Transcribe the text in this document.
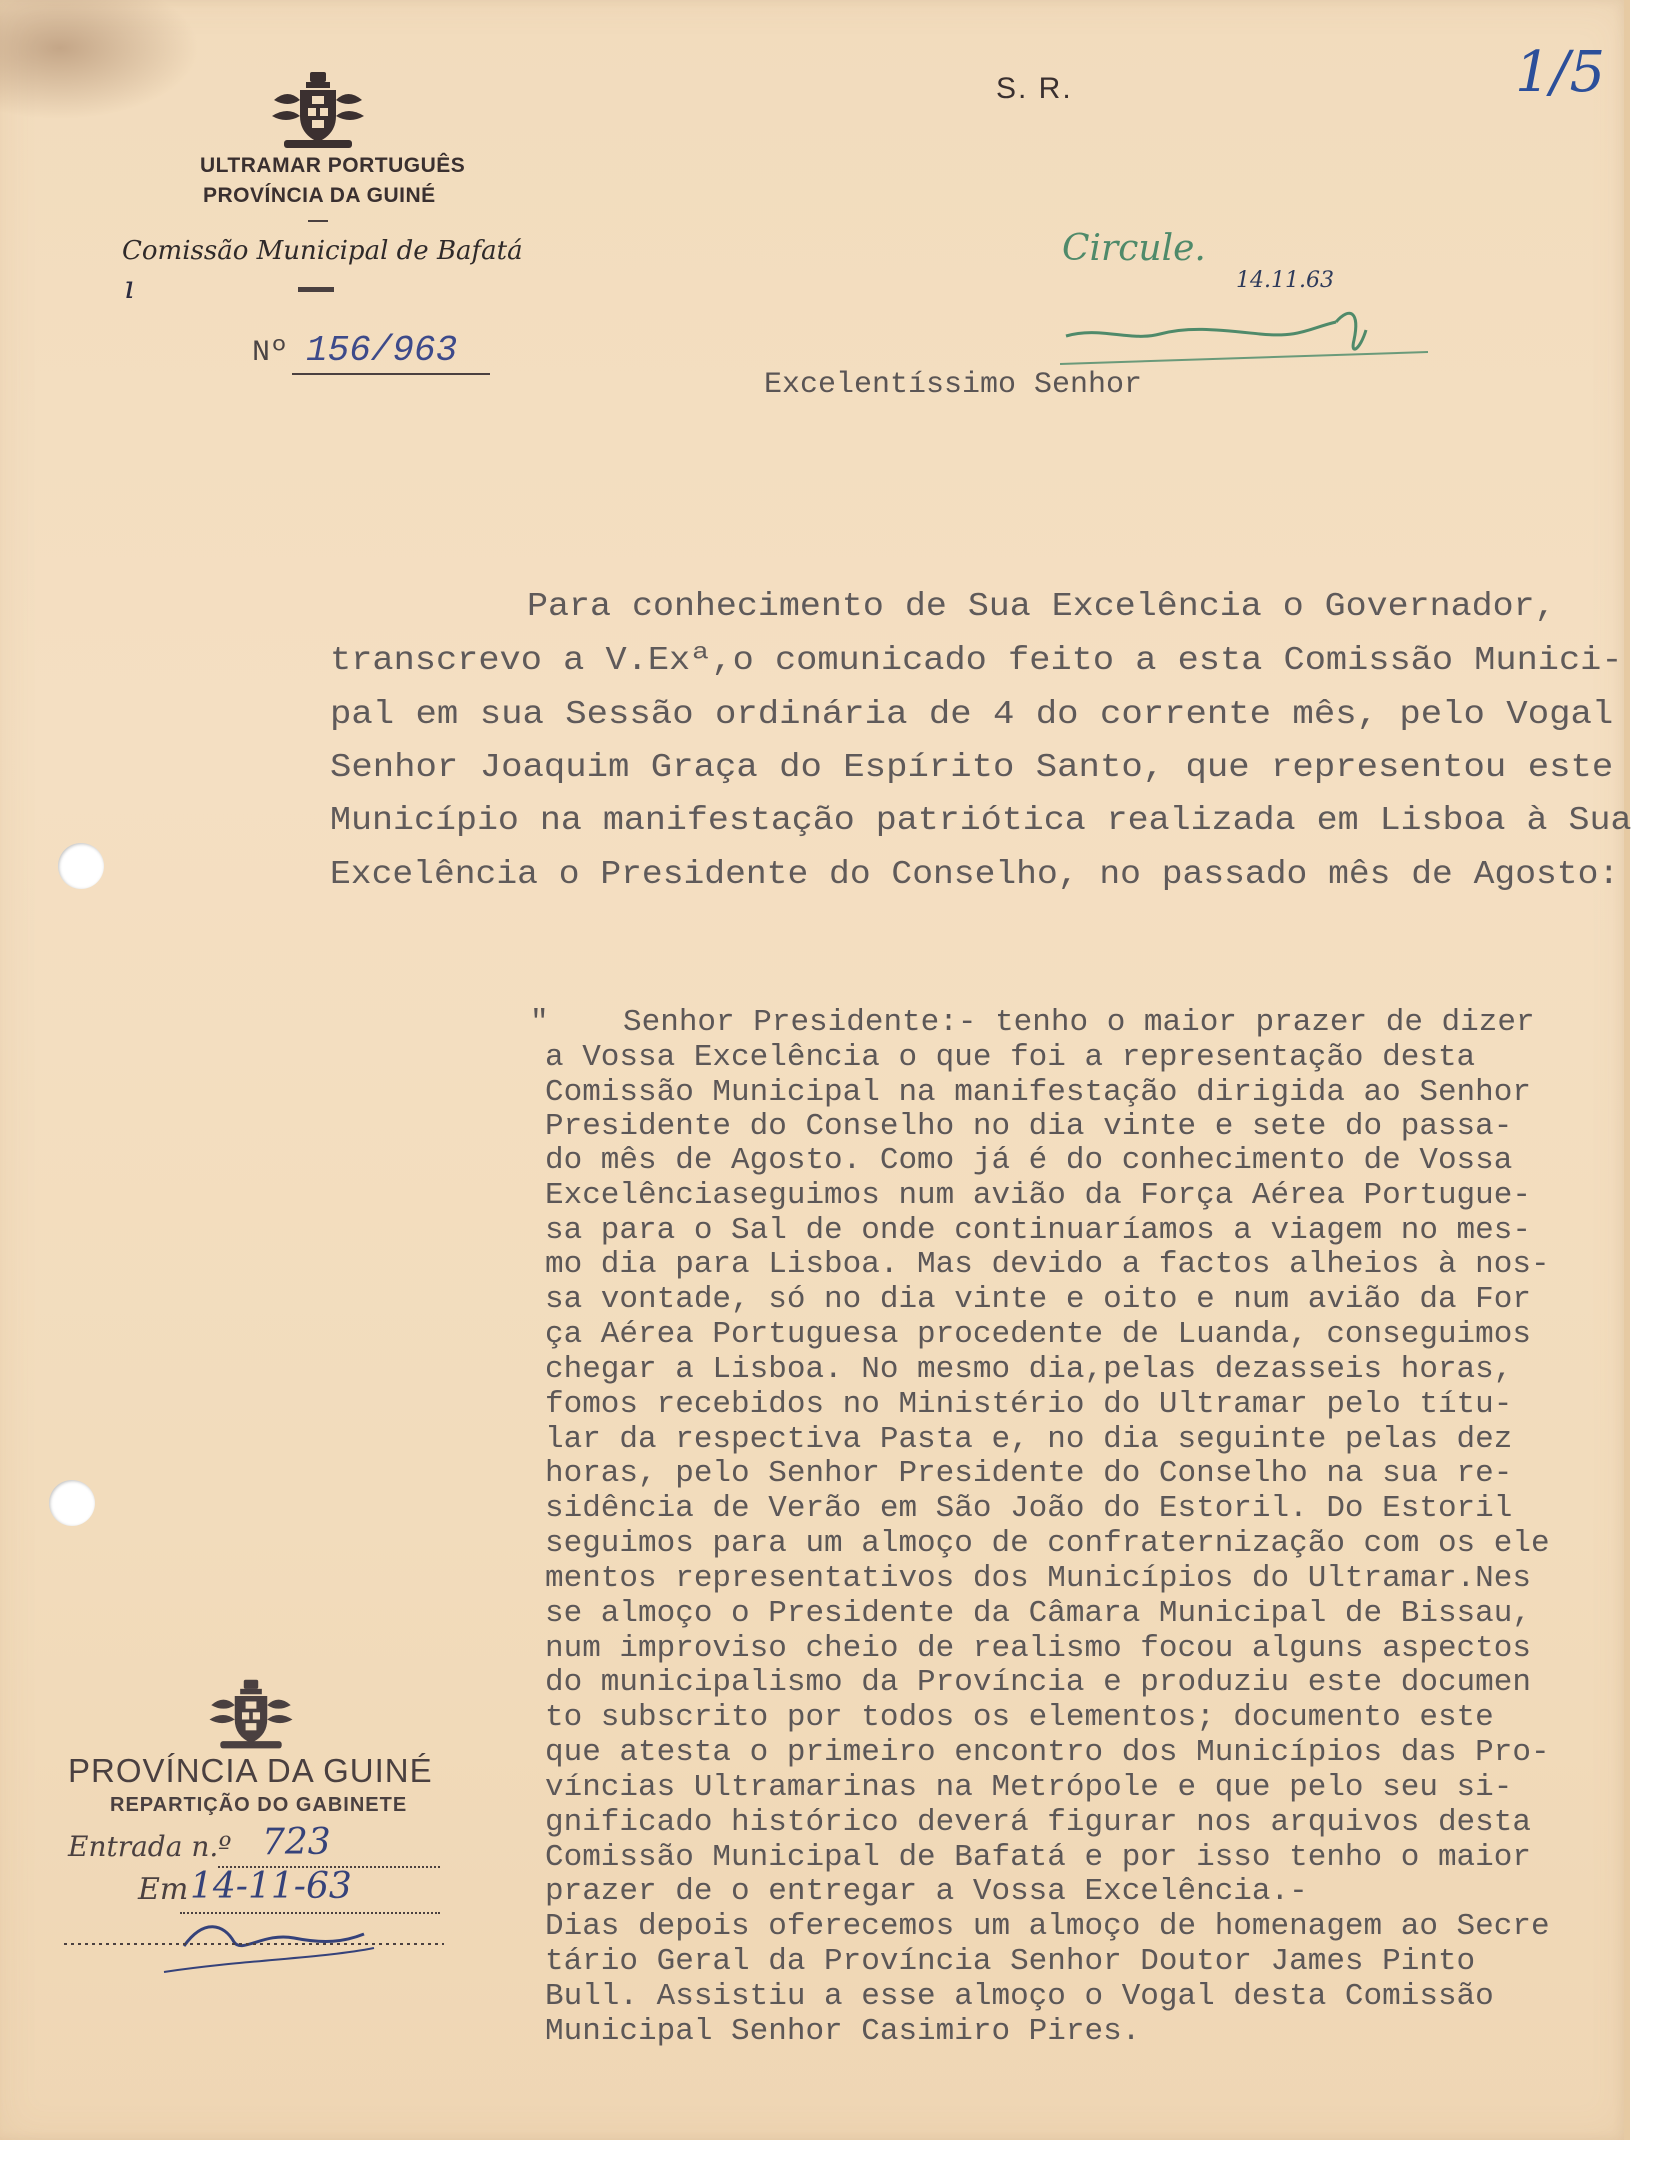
ULTRAMAR PORTUGUÊS
PROVÍNCIA DA GUINÉ
Comissão Municipal de Bafatá
ı
Nº 156/963
S. R.	1/5
Circule.
14.11.63
Excelentíssimo Senhor
Para conhecimento de Sua Excelência o Governador,
transcrevo a V.Exª,o comunicado feito a esta Comissão Munici-
pal em sua Sessão ordinária de 4 do corrente mês, pelo Vogal
Senhor Joaquim Graça do Espírito Santo, que representou este
Município na manifestação patriótica realizada em Lisboa à Sua
Excelência o Presidente do Conselho, no passado mês de Agosto:
"    Senhor Presidente:- tenho o maior prazer de dizer
a Vossa Excelência o que foi a representação desta
Comissão Municipal na manifestação dirigida ao Senhor
Presidente do Conselho no dia vinte e sete do passa-
do mês de Agosto. Como já é do conhecimento de Vossa
Excelênciaseguimos num avião da Força Aérea Portugue-
sa para o Sal de onde continuaríamos a viagem no mes-
mo dia para Lisboa. Mas devido a factos alheios à nos-
sa vontade, só no dia vinte e oito e num avião da For
ça Aérea Portuguesa procedente de Luanda, conseguimos
chegar a Lisboa. No mesmo dia,pelas dezasseis horas,
fomos recebidos no Ministério do Ultramar pelo títu-
lar da respectiva Pasta e, no dia seguinte pelas dez
horas, pelo Senhor Presidente do Conselho na sua re-
sidência de Verão em São João do Estoril. Do Estoril
seguimos para um almoço de confraternização com os ele
mentos representativos dos Municípios do Ultramar.Nes
se almoço o Presidente da Câmara Municipal de Bissau,
num improviso cheio de realismo focou alguns aspectos
do municipalismo da Província e produziu este documen
to subscrito por todos os elementos; documento este
que atesta o primeiro encontro dos Municípios das Pro-
víncias Ultramarinas na Metrópole e que pelo seu si-
gnificado histórico deverá figurar nos arquivos desta
Comissão Municipal de Bafatá e por isso tenho o maior
prazer de o entregar a Vossa Excelência.-
Dias depois oferecemos um almoço de homenagem ao Secre
tário Geral da Província Senhor Doutor James Pinto
Bull. Assistiu a esse almoço o Vogal desta Comissão
Municipal Senhor Casimiro Pires.
PROVÍNCIA DA GUINÉ
REPARTIÇÃO DO GABINETE
Entrada n.º 723
Em 14-11-63
